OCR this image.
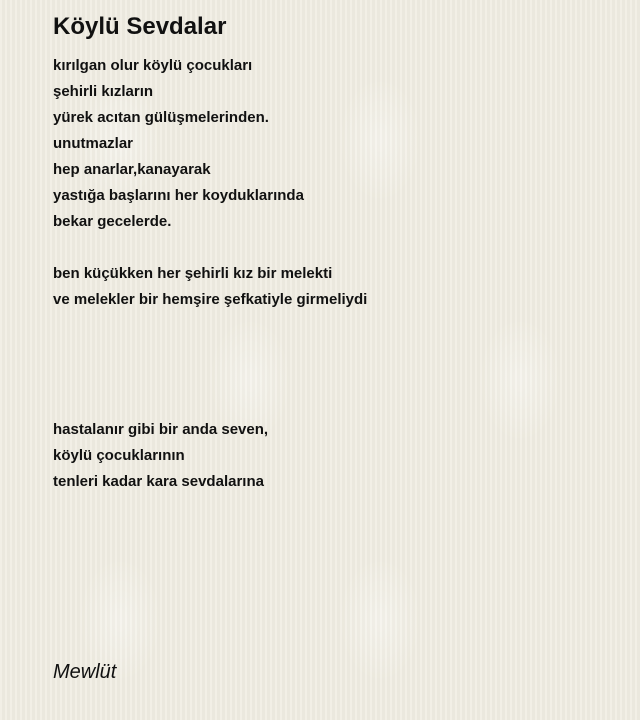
Köylü Sevdalar
kırılgan olur köylü çocukları
şehirli kızların
yürek acıtan gülüşmelerinden.
unutmazlar
hep anarlar,kanayarak
yastığa başlarını her koyduklarında
bekar gecelerde.
ben küçükken her şehirli kız bir melekti
ve melekler bir hemşire şefkatiyle girmeliydi
hastalanır gibi bir anda seven,
köylü çocuklarının
tenleri kadar kara sevdalarına
Mewlüt
